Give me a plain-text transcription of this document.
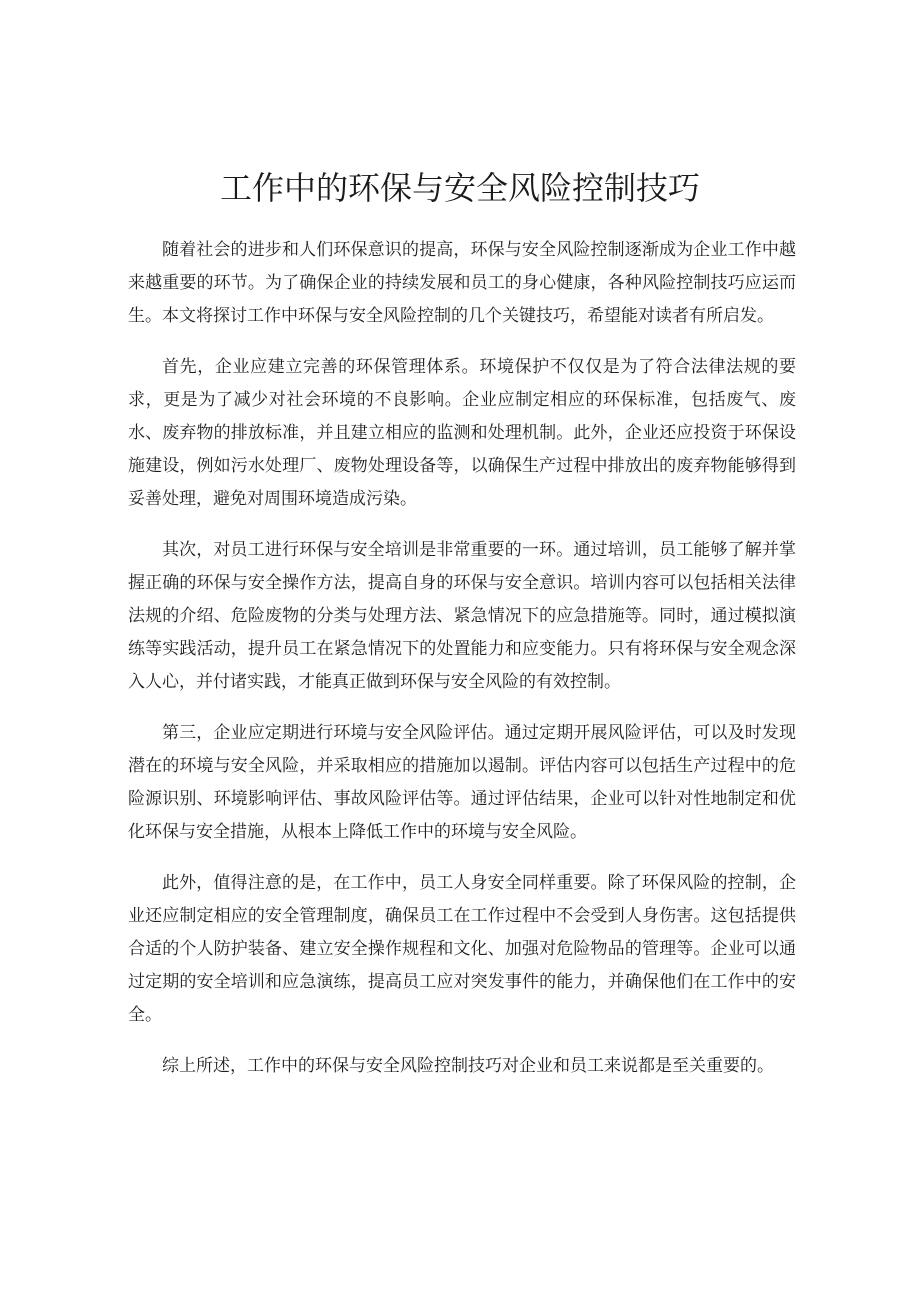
工作中的环保与安全风险控制技巧

随着社会的进步和人们环保意识的提高，环保与安全风险控制逐渐成为企业工作中越来越重要的环节。为了确保企业的持续发展和员工的身心健康，各种风险控制技巧应运而生。本文将探讨工作中环保与安全风险控制的几个关键技巧，希望能对读者有所启发。

首先，企业应建立完善的环保管理体系。环境保护不仅仅是为了符合法律法规的要求，更是为了减少对社会环境的不良影响。企业应制定相应的环保标准，包括废气、废水、废弃物的排放标准，并且建立相应的监测和处理机制。此外，企业还应投资于环保设施建设，例如污水处理厂、废物处理设备等，以确保生产过程中排放出的废弃物能够得到妥善处理，避免对周围环境造成污染。

其次，对员工进行环保与安全培训是非常重要的一环。通过培训，员工能够了解并掌握正确的环保与安全操作方法，提高自身的环保与安全意识。培训内容可以包括相关法律法规的介绍、危险废物的分类与处理方法、紧急情况下的应急措施等。同时，通过模拟演练等实践活动，提升员工在紧急情况下的处置能力和应变能力。只有将环保与安全观念深入人心，并付诸实践，才能真正做到环保与安全风险的有效控制。

第三，企业应定期进行环境与安全风险评估。通过定期开展风险评估，可以及时发现潜在的环境与安全风险，并采取相应的措施加以遏制。评估内容可以包括生产过程中的危险源识别、环境影响评估、事故风险评估等。通过评估结果，企业可以针对性地制定和优化环保与安全措施，从根本上降低工作中的环境与安全风险。

此外，值得注意的是，在工作中，员工人身安全同样重要。除了环保风险的控制，企业还应制定相应的安全管理制度，确保员工在工作过程中不会受到人身伤害。这包括提供合适的个人防护装备、建立安全操作规程和文化、加强对危险物品的管理等。企业可以通过定期的安全培训和应急演练，提高员工应对突发事件的能力，并确保他们在工作中的安全。

综上所述，工作中的环保与安全风险控制技巧对企业和员工来说都是至关重要的。
